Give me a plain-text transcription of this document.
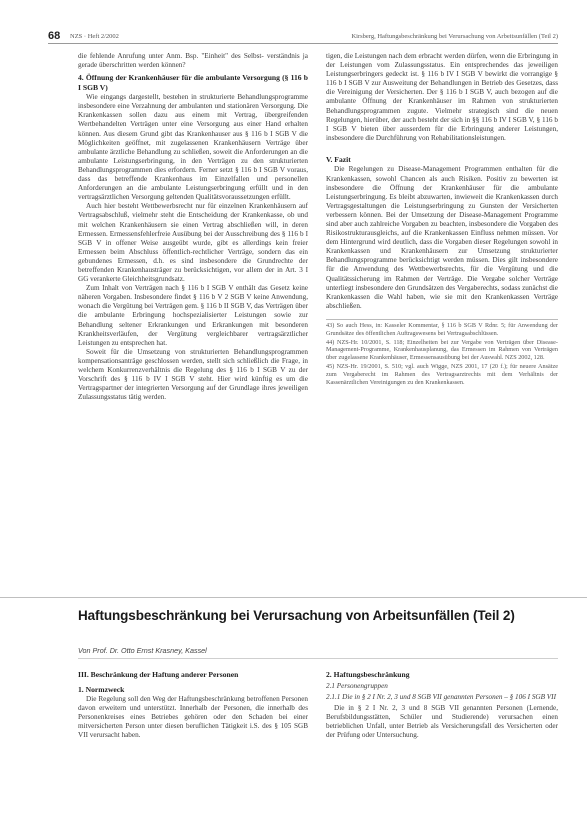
68 NZS · Heft 2/2002	Kirsberg, Haftungsbeschränkung bei Verursachung von Arbeitsunfällen (Teil 2)

die fehlende Anrufung unter Anm. Bsp. "Einheit" des Selbst- verständnis ja gerade überschritten werden können?

4. Öffnung der Krankenhäuser für die ambulante Versorgung (§ 116 b I SGB V)

Wie eingangs dargestellt, bestehen in strukturierte Behandlungsprogramme insbesondere eine Verzahnung der ambulanten und stationären Versorgung. Die Krankenkassen sollen dazu aus einem mit Vertrag, übergreifenden Wertbehandelten Verträgen unter eine Versorgung aus einer Hand erhalten können. Aus diesem Grund gibt das Krankenhauser aus § 116 b I SGB V die Möglichkeiten geöffnet, mit zugelassenen Krankenhäusern Verträge über ambulante ärztliche Behandlung zu schließen, soweit die Anforderungen an die ambulante Leistungserbringung, in den Verträgen zu den strukturierten Behandlungsprogrammen dies erfordern. Ferner setzt § 116 b I SGB V voraus, dass das betreffende Krankenhaus im Einzelfallen und personellen Anforderungen an die ambulante Leistungserbringung erfüllt und in den vertragsärztlichen Versorgung geltenden Qualitätsvoraussetzungen erfüllt.

Auch hier besteht Wettbewerbsrecht nur für einzelnen Krankenhäusern auf Vertragsabschluß, vielmehr steht die Entscheidung der Krankenkasse, ob und mit welchen Krankenhäusern sie einen Vertrag abschließen will, in deren Ermessen. Ermessensfehlerfreie Ausübung bei der Ausschreibung des § 116 b I SGB V in offener Weise ausgeübt wurde, gibt es allerdings kein freier Ermessen beim Abschluss öffentlich-rechtlicher Verträge, sondern das ein gebundenes Ermessen, d.h. es sind insbesondere die Grundrechte der betreffenden Krankenhausträger zu berücksichtigen, vor allem der in Art. 3 I GG verankerte Gleichheitsgrundsatz.

Zum Inhalt von Verträgen nach § 116 b I SGB V enthält das Gesetz keine näheren Vorgaben. Insbesondere findet § 116 b V 2 SGB V keine Anwendung, wonach die Vergütung bei Verträgen gem. § 116 b II SGB V, das Verträgen über die ambulante Erbringung hochspezialisierter Leistungen sowie zur Behandlung seltener Erkrankungen und Erkrankungen mit besonderen Krankheitsverläufen, der Vergütung vergleichbarer vertragsärztlicher Leistungen zu entsprechen hat.

Soweit für die Umsetzung von strukturierten Behandlungsprogrammen kompensationsanträge geschlossen werden, stellt sich schließlich die Frage, in welchem Konkurrenzverhältnis die Regelung des § 116 b I SGB V zu der Vorschrift des § 116 b IV I SGB V steht. Hier wird künftig es um die Vertragspartner der integrierten Versorgung auf der Grundlage ihres jeweiligen Zulassungsstatus tätig werden.

tigen, die Leistungen nach dem erbracht werden dürfen, wenn die Erbringung in der Leistungen vom Zulassungsstatus. Ein entsprechendes das jeweiligen Leistungserbringers gedeckt ist. § 116 b IV I SGB V bewirkt die vorrangige § 116 b I SGB V zur Ausweitung der Behandlungen in Betrieb des Gesetzes, dass die Vereinigung der Versicherten. Der § 116 b I SGB V, auch bezogen auf die ambulante Öffnung der Krankenhäuser im Rahmen von strukturierten Behandlungsprogrammen zugute. Vielmehr strategisch sind die neuen Regelungen, hierüber, der auch besteht der sich in §§ 116 b IV I SGB V, § 116 b I SGB V bieten über ausserdem für die Erbringung anderer Leistungen, insbesondere die Durchführung von Rehabilitationsleistungen.

V. Fazit

Die Regelungen zu Disease-Management Programmen enthalten für die Krankenkassen, sowohl Chancen als auch Risiken. Positiv zu bewerten ist insbesondere die Öffnung der Krankenhäuser für die ambulante Leistungserbringung. Es bleibt abzuwarten, inwieweit die Krankenkassen durch Vertragsgestaltungen die Leistungserbringung zu Gunsten der Versicherten verbessern können. Bei der Umsetzung der Disease-Management Programme sind aber auch zahlreiche Vorgaben zu beachten, insbesondere die Vorgaben des Risikostrukturausgleichs, auf die Krankenkassen Einfluss nehmen müssen. Vor dem Hintergrund wird deutlich, dass die Vorgaben dieser Regelungen sowohl in Krankenkassen und Krankenhäusern zur Umsetzung strukturierter Behandlungsprogramme berücksichtigt werden müssen. Dies gilt insbesondere für die Anwendung des Wettbewerbsrechts, für die Vergütung und die Qualitätssicherung im Rahmen der Verträge. Die Vergabe solcher Verträge unterliegt insbesondere den Grundsätzen des Vergaberechts, sodass zunächst die Krankenkassen die Wahl haben, wie sie mit den Krankenkassen Verträge abschließen.

43) So auch Hess, in: Kasseler Kommentar, § 116 b SGB V Rdnr. 5; für Anwendung der Grundsätze des öffentlichen Auftragswesens bei Vertragsabschlüssen.

44) NZS-Hr. 10/2001, S. 118; Einzelheiten bei zur Vergabe von Verträgen über Disease-Management-Programme, Krankenhausplanung, das Ermessen im Rahmen von Verträgen über zugelassene Krankenhäuser, Ermessensausübung bei der Auswahl. NZS 2002, 128.

45) NZS-Hr. 19/2001, S. 510; vgl. auch Wigge, NZS 2001, 17 (20 f.); für neuere Ansätze zum Vergaberecht im Rahmen des Vertragsarztrechts mit dem Verhältnis der Kassenärztlichen Vereinigungen zu den Krankenkassen.

Haftungsbeschränkung bei Verursachung von Arbeitsunfällen (Teil 2)
Von Prof. Dr. Otto Ernst Krasney, Kassel
III. Beschränkung der Haftung anderer Personen
1. Normzweck

Die Regelung soll den Weg der Haftungsbeschränkung betroffenen Personen davon erweitern und unterstützt. Innerhalb der Personen, die innerhalb des Personenkreises eines Betriebes gehören oder den Schaden bei einer mitversicherten Person unter diesen beruflichen Tätigkeit i.S. des § 105 SGB VII verursacht haben.

2. Haftungsbeschränkung

2.1 Personengruppen

2.1.1 Die in § 2 I Nr. 2, 3 und 8 SGB VII genannten Personen – § 106 I SGB VII

Die in § 2 I Nr. 2, 3 und 8 SGB VII genannten Personen (Lernende, Berufsbildungsstätten, Schüler und Studierende) verursachen einen betrieblichen Unfall, unter Betrieb als Versicherungsfall des Versicherten oder der Prüfung oder Untersuchung.
